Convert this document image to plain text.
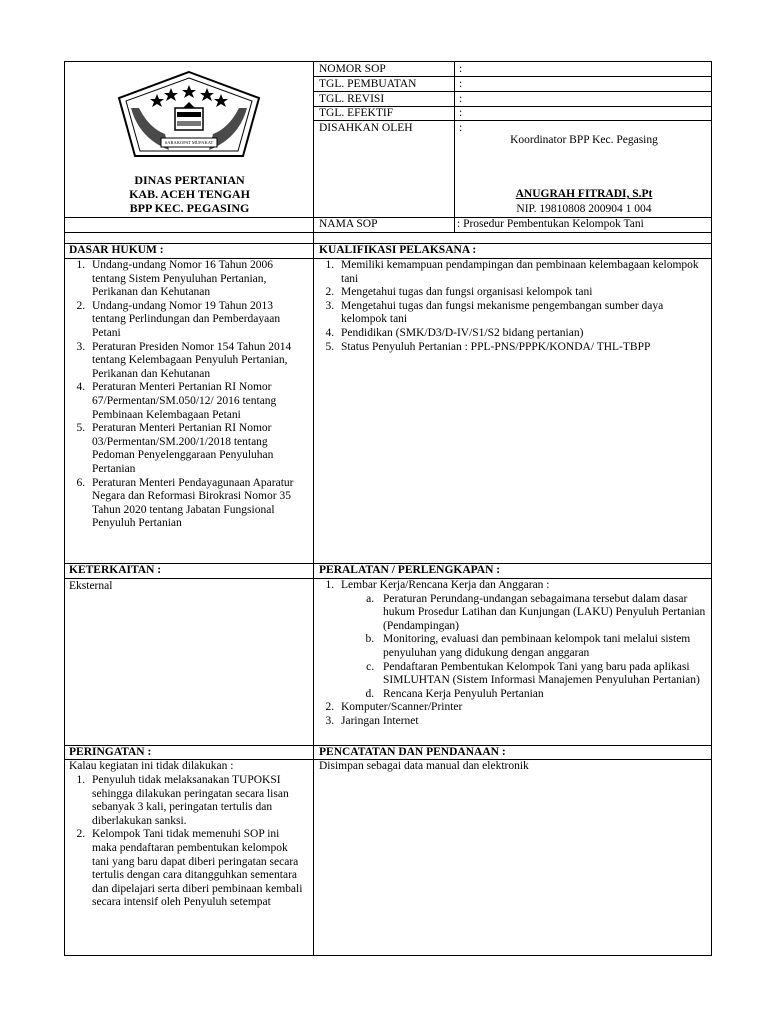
SARAKOPAT MUPAKAT
DINAS PERTANIAN
KAB. ACEH TENGAH
BPP KEC. PEGASING
NOMOR SOP	:
TGL. PEMBUATAN	:
TGL. REVISI	:
TGL. EFEKTIF	:
DISAHKAN OLEH	:
Koordinator BPP Kec. Pegasing
ANUGRAH FITRADI, S.Pt
NIP. 19810808 200904 1 004
NAMA SOP	: Prosedur Pembentukan Kelompok Tani
DASAR HUKUM :
1. Undang-undang Nomor 16 Tahun 2006 tentang Sistem Penyuluhan Pertanian, Perikanan dan Kehutanan
2. Undang-undang Nomor 19 Tahun 2013 tentang Perlindungan dan Pemberdayaan Petani
3. Peraturan Presiden Nomor 154 Tahun 2014 tentang Kelembagaan Penyuluh Pertanian, Perikanan dan Kehutanan
4. Peraturan Menteri Pertanian RI Nomor 67/Permentan/SM.050/12/ 2016 tentang Pembinaan Kelembagaan Petani
5. Peraturan Menteri Pertanian RI Nomor 03/Permentan/SM.200/1/2018 tentang Pedoman Penyelenggaraan Penyuluhan Pertanian
6. Peraturan Menteri Pendayagunaan Aparatur Negara dan Reformasi Birokrasi Nomor 35 Tahun 2020 tentang Jabatan Fungsional Penyuluh Pertanian
KUALIFIKASI PELAKSANA :
1. Memiliki kemampuan pendampingan dan pembinaan kelembagaan kelompok tani
2. Mengetahui tugas dan fungsi organisasi kelompok tani
3. Mengetahui tugas dan fungsi mekanisme pengembangan sumber daya kelompok tani
4. Pendidikan (SMK/D3/D-IV/S1/S2 bidang pertanian)
5. Status Penyuluh Pertanian : PPL-PNS/PPPK/KONDA/ THL-TBPP
KETERKAITAN :
Eksternal
PERALATAN / PERLENGKAPAN :
1. Lembar Kerja/Rencana Kerja dan Anggaran :
a. Peraturan Perundang-undangan sebagaimana tersebut dalam dasar hukum Prosedur Latihan dan Kunjungan (LAKU) Penyuluh Pertanian (Pendampingan)
b. Monitoring, evaluasi dan pembinaan kelompok tani melalui sistem penyuluhan yang didukung dengan anggaran
c. Pendaftaran Pembentukan Kelompok Tani yang baru pada aplikasi SIMLUHTAN (Sistem Informasi Manajemen Penyuluhan Pertanian)
d. Rencana Kerja Penyuluh Pertanian
2. Komputer/Scanner/Printer
3. Jaringan Internet
PERINGATAN :
Kalau kegiatan ini tidak dilakukan :
1. Penyuluh tidak melaksanakan TUPOKSI sehingga dilakukan peringatan secara lisan sebanyak 3 kali, peringatan tertulis dan diberlakukan sanksi.
2. Kelompok Tani tidak memenuhi SOP ini maka pendaftaran pembentukan kelompok tani yang baru dapat diberi peringatan secara tertulis dengan cara ditangguhkan sementara dan dipelajari serta diberi pembinaan kembali secara intensif oleh Penyuluh setempat
PENCATATAN DAN PENDANAAN :
Disimpan sebagai data manual dan elektronik
